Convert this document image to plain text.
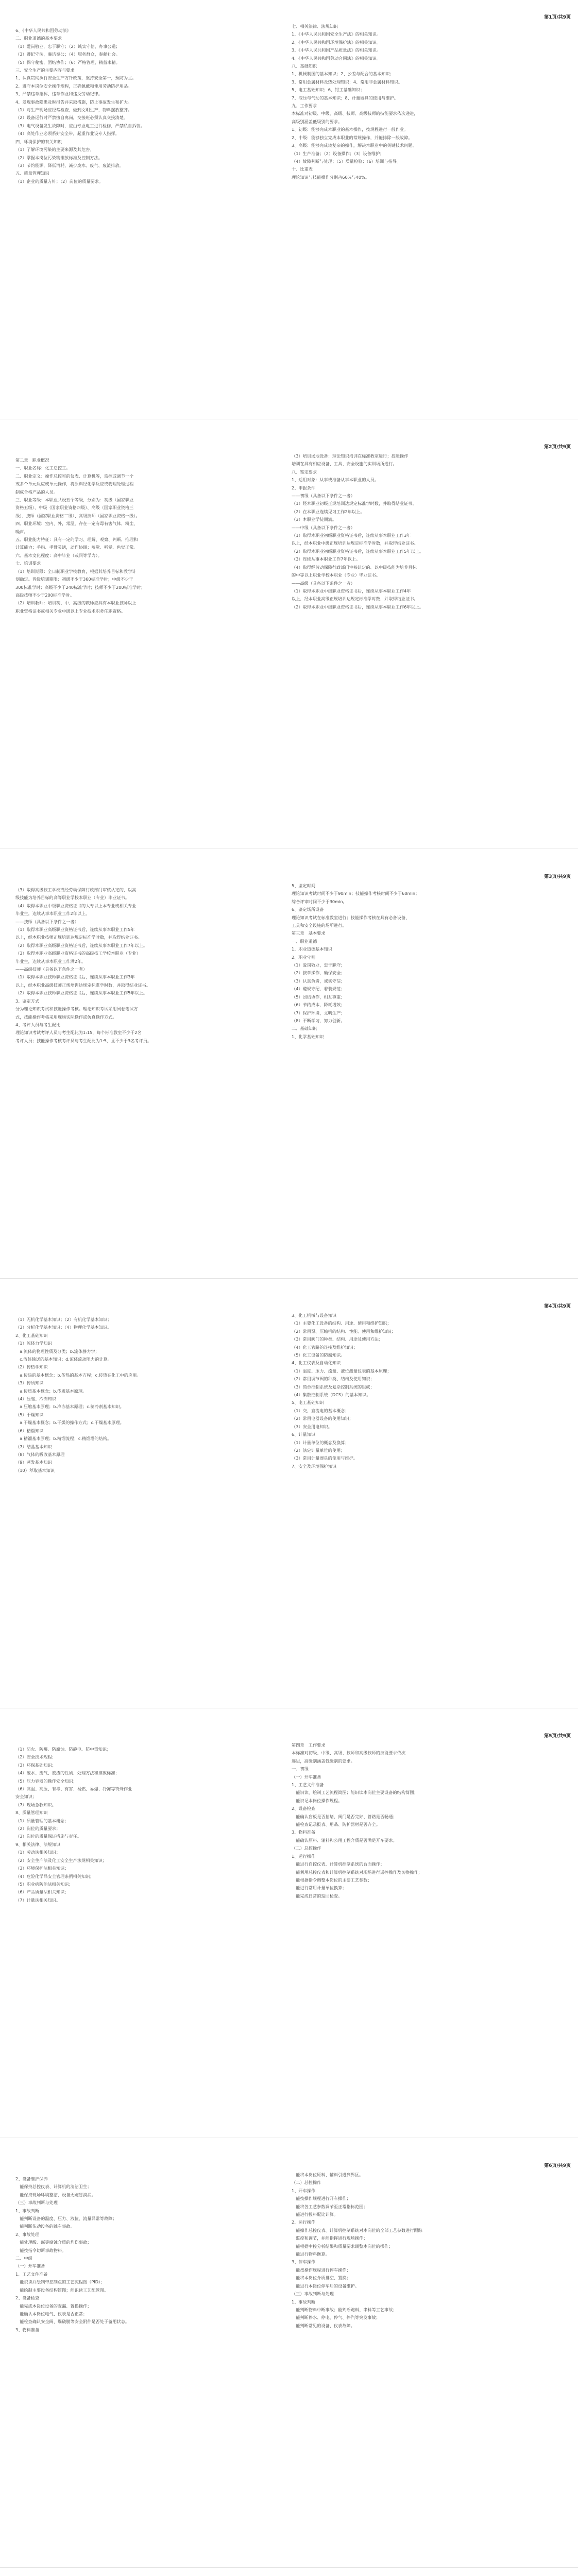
第1页/共9页
6、《中华人民共和国劳动法》
二、职业道德的基本要求
（1）爱岗敬业，忠于职守；（2）诚实守信，办事公道；
（3）遵纪守法，廉洁奉公；（4）服务群众，奉献社会。
（5）保守秘密，团结协作；（6）严格管理，精益求精。
三、安全生产的主要内容与要求
1、认真贯彻执行安全生产方针政策，坚持安全第一，预防为主。
2、遵守本岗位安全操作规程，正确佩戴和使用劳动防护用品。
3、严禁违章指挥、违章作业和违反劳动纪律。
4、发现事故隐患及时报告并采取措施，防止事故发生和扩大。
（1）对生产现场应经常检查，做到文明生产，物料摆放整齐。
（2）设备运行时严禁擅自离岗，交接班必须认真交接清楚。
（3）电气设备发生故障时，应由专业电工进行检修，严禁私自拆装。
（4）高处作业必须系好安全带，起重作业设专人指挥。
四、环境保护的有关知识
（1）了解环境污染的主要来源及其危害。
（2）掌握本岗位污染物排放标准及控制方法。
（3）节约能源，降低消耗，减少废水、废气、废渣排放。
五、质量管理知识
（1）企业的质量方针；（2）岗位的质量要求。
七、相关法律、法规知识
1、《中华人民共和国安全生产法》的相关知识。
2、《中华人民共和国环境保护法》的相关知识。
3、《中华人民共和国产品质量法》的相关知识。
4、《中华人民共和国劳动合同法》的相关知识。
八、基础知识
1、机械制图的基本知识；2、公差与配合的基本知识；
3、常用金属材料及热处理知识；4、常用非金属材料知识。
5、电工基础知识；6、钳工基础知识；
7、液压与气动的基本知识；8、计量器具的使用与维护。
九、工作要求
本标准对初级、中级、高级、技师、高级技师的技能要求依次递进，
高级别涵盖低级别的要求。
1、初级：能够完成本职业的基本操作，按规程进行一般作业。
2、中级：能够独立完成本职业的常规操作，并能排除一般故障。
3、高级：能够完成较复杂的操作，解决本职业中的关键技术问题。
（1）生产准备；（2）设备操作；（3）设备维护；
（4）故障判断与处理；（5）质量检验；（6）培训与指导。
十、比重表
理论知识与技能操作分别占60%与40%。
第2页/共9页
第二章　职业概况
一、职业名称：化工总控工。
二、职业定义：操作总控室的仪表、计算机等，监控或调节一个
或多个单元反应或单元操作，将原料经化学反应或物理处理过程
制成合格产品的人员。
三、职业等级：本职业共设五个等级，分别为：初级（国家职业
资格五级）、中级（国家职业资格四级）、高级（国家职业资格三
级）、技师（国家职业资格二级）、高级技师（国家职业资格一级）。
四、职业环境：室内、外，常温，存在一定有毒有害气体、粉尘、
噪声。
五、职业能力特征：具有一定的学习、理解、观察、判断、推理和
计算能力；手指、手臂灵活，动作协调；嗅觉、听觉、色觉正常。
六、基本文化程度：高中毕业（或同等学力）。
七、培训要求
（1）培训期限：全日制职业学校教育，根据其培养目标和教学计
划确定。晋级培训期限：初级不少于360标准学时；中级不少于
300标准学时；高级不少于240标准学时；技师不少于200标准学时；
高级技师不少于200标准学时。
（2）培训教师：培训初、中、高级的教师应具有本职业技师以上
职业资格证书或相关专业中级以上专业技术职务任职资格。
（3）培训场地设备：理论知识培训在标准教室进行；技能操作
培训在具有相应设备、工具、安全设施的实训场所进行。
八、鉴定要求
1、适用对象：从事或准备从事本职业的人员。
2、申报条件
——初级（具备以下条件之一者）
（1）经本职业初级正规培训达规定标准学时数，并取得结业证书。
（2）在本职业连续见习工作2年以上。
（3）本职业学徒期满。
——中级（具备以下条件之一者）
（1）取得本职业初级职业资格证书后，连续从事本职业工作3年
以上，经本职业中级正规培训达规定标准学时数，并取得结业证书。
（2）取得本职业初级职业资格证书后，连续从事本职业工作5年以上。
（3）连续从事本职业工作7年以上。
（4）取得经劳动保障行政部门审核认定的、以中级技能为培养目标
的中等以上职业学校本职业（专业）毕业证书。
——高级（具备以下条件之一者）
（1）取得本职业中级职业资格证书后，连续从事本职业工作4年
以上，经本职业高级正规培训达规定标准学时数，并取得结业证书。
（2）取得本职业中级职业资格证书后，连续从事本职业工作6年以上。
第3页/共9页
（3）取得高级技工学校或经劳动保障行政部门审核认定的、以高
级技能为培养目标的高等职业学校本职业（专业）毕业证书。
（4）取得本职业中级职业资格证书的大专以上本专业或相关专业
毕业生，连续从事本职业工作2年以上。
——技师（具备以下条件之一者）
（1）取得本职业高级职业资格证书后，连续从事本职业工作5年
以上，经本职业技师正规培训达规定标准学时数，并取得结业证书。
（2）取得本职业高级职业资格证书后，连续从事本职业工作7年以上。
（3）取得本职业高级职业资格证书的高级技工学校本职业（专业）
毕业生，连续从事本职业工作满2年。
——高级技师（具备以下条件之一者）
（1）取得本职业技师职业资格证书后，连续从事本职业工作3年
以上，经本职业高级技师正规培训达规定标准学时数，并取得结业证书。
（2）取得本职业技师职业资格证书后，连续从事本职业工作5年以上。
3、鉴定方式
分为理论知识考试和技能操作考核。理论知识考试采用闭卷笔试方
式，技能操作考核采用现场实际操作或仿真操作方式。
4、考评人员与考生配比
理论知识考试考评人员与考生配比为1:15，每个标准教室不少于2名
考评人员；技能操作考核考评员与考生配比为1:5，且不少于3名考评员。
5、鉴定时间
理论知识考试时间不少于90min；技能操作考核时间不少于60min；
综合评审时间不少于30min。
6、鉴定场所设备
理论知识考试在标准教室进行；技能操作考核在具有必备设备、
工具和安全设施的场所进行。
第三章　基本要求
一、职业道德
1、职业道德基本知识
2、职业守则
（1）爱岗敬业，忠于职守；
（2）按章操作，确保安全；
（3）认真负责，诚实守信；
（4）遵规守纪，着装规范；
（5）团结协作，相互尊重；
（6）节约成本，降耗增效；
（7）保护环境，文明生产；
（8）不断学习，努力创新。
二、基础知识
1、化学基础知识
第4页/共9页
（1）无机化学基本知识；（2）有机化学基本知识；
（3）分析化学基本知识；（4）物理化学基本知识。
2、化工基础知识
（1）流体力学知识
　a.流体的物理性质及分类；b.流体静力学；
　c.流体输送的基本知识；d.流体流动阻力的计算。
（2）传热学知识
　a.传热的基本概念；b.传热的基本方程；c.传热在化工中的应用。
（3）传质知识
　a.传质基本概念；b.传质基本原理。
（4）压缩、冷冻知识
　a.压缩基本原理；b.冷冻基本原理；c.制冷剂基本知识。
（5）干燥知识
　a.干燥基本概念；b.干燥的操作方式；c.干燥基本原理。
（6）精馏知识
　a.精馏基本原理；b.精馏流程；c.精馏塔的结构。
（7）结晶基本知识
（8）气体的吸收基本原理
（9）蒸发基本知识
（10）萃取基本知识
3、化工机械与设备知识
（1）主要化工设备的结构、用途、使用和维护知识；
（2）常用泵、压缩机的结构、性能、使用和维护知识；
（3）常用阀门的种类、结构、用途及使用方法；
（4）化工管路的连接及维护知识；
（5）化工设备的防腐知识。
4、化工仪表及自动化知识
（1）温度、压力、流量、液位测量仪表的基本原理；
（2）常用调节阀的种类、结构及使用知识；
（3）简单控制系统及复杂控制系统的组成；
（4）集散控制系统（DCS）的基本知识。
5、电工基础知识
（1）交、直流电的基本概念；
（2）常用电器设备的使用知识；
（3）安全用电知识。
6、计量知识
（1）计量单位的概念及换算；
（2）法定计量单位的使用；
（3）常用计量器具的使用与维护。
7、安全及环境保护知识
第5页/共9页
（1）防火、防爆、防腐蚀、防静电、防中毒知识；
（2）安全技术规程；
（3）环保基础知识；
（4）废水、废气、废渣的性质、处理方法和排放标准；
（5）压力容器的操作安全知识；
（6）高温、高压、有毒、有害、易燃、易爆、冷冻等特殊作业
安全知识；
（7）现场急救知识。
8、质量管理知识
（1）质量管理的基本概念；
（2）岗位的质量要求；
（3）岗位的质量保证措施与责任。
9、相关法律、法规知识
（1）劳动法相关知识；
（2）安全生产法及化工安全生产法规相关知识；
（3）环境保护法相关知识；
（4）危险化学品安全管理条例相关知识；
（5）职业病防治法相关知识；
（6）产品质量法相关知识；
（7）计量法相关知识。
第四章　工作要求
本标准对初级、中级、高级、技师和高级技师的技能要求依次
递进，高级别涵盖低级别的要求。
一、初级
（一）开车准备
1、工艺文件准备
　能识读、绘制工艺流程简图；能识读本岗位主要设备的结构简图；
　能识记本岗位操作规程。
2、设备检查
　能确认盲板是否抽堵、阀门是否完好、管路是否畅通；
　能检查记录报表、用品、防护器材是否齐全。
3、物料准备
　能确认原料、辅料和公用工程介质是否满足开车要求。
（二）总控操作
1、运行操作
　能进行自控仪表、计算机控制系统的台面操作；
　能利用总控仪表和计算机控制系统对现场进行遥控操作及切换操作；
　能根据指令调整本岗位的主要工艺参数；
　能进行常用计量单位换算；
　能完成日常的巡回检查。
第6页/共9页
2、设备维护保养
　能保持总控仪表、计算机的清洁卫生；
　能保持现场环境整洁，设备无跑冒滴漏。
（三）事故判断与处理
1、事故判断
　能判断设备的温度、压力、液位、流量异常等故障；
　能判断传动设备的跳车事故。
2、事故处理
　能处理酸、碱等腐蚀介质的灼伤事故；
　能按指令切断事故物料。
二、中级
（一）开车准备
1、工艺文件准备
　能识读并绘制带控制点的工艺流程图（PID）；
　能绘制主要设备结构简图；能识读工艺配管图。
2、设备检查
　能完成本岗位设备的查漏、置换操作；
　能确认本岗位电气、仪表是否正常；
　能检查确认安全阀、爆破膜等安全附件是否处于备用状态。
3、物料准备
　能将本岗位原料、辅料引进到界区。
（二）总控操作
1、开车操作
　能按操作规程进行开车操作；
　能将各工艺参数调节至正常指标范围；
　能进行投料配比计算。
2、运行操作
　能操作总控仪表、计算机控制系统对本岗位的全部工艺参数进行跟踪
　监控和调节，并能指挥进行现场操作；
　能根据中控分析结果和质量要求调整本岗位的操作；
　能进行物料衡算。
3、停车操作
　能按操作规程进行停车操作；
　能将本岗位介质排空、置换；
　能进行本岗位停车后的设备维护。
（三）事故判断与处理
1、事故判断
　能判断物料中断事故；能判断跑料、串料等工艺事故；
　能判断停水、停电、停气、停汽等突发事故；
　能判断常见的设备、仪表故障。
